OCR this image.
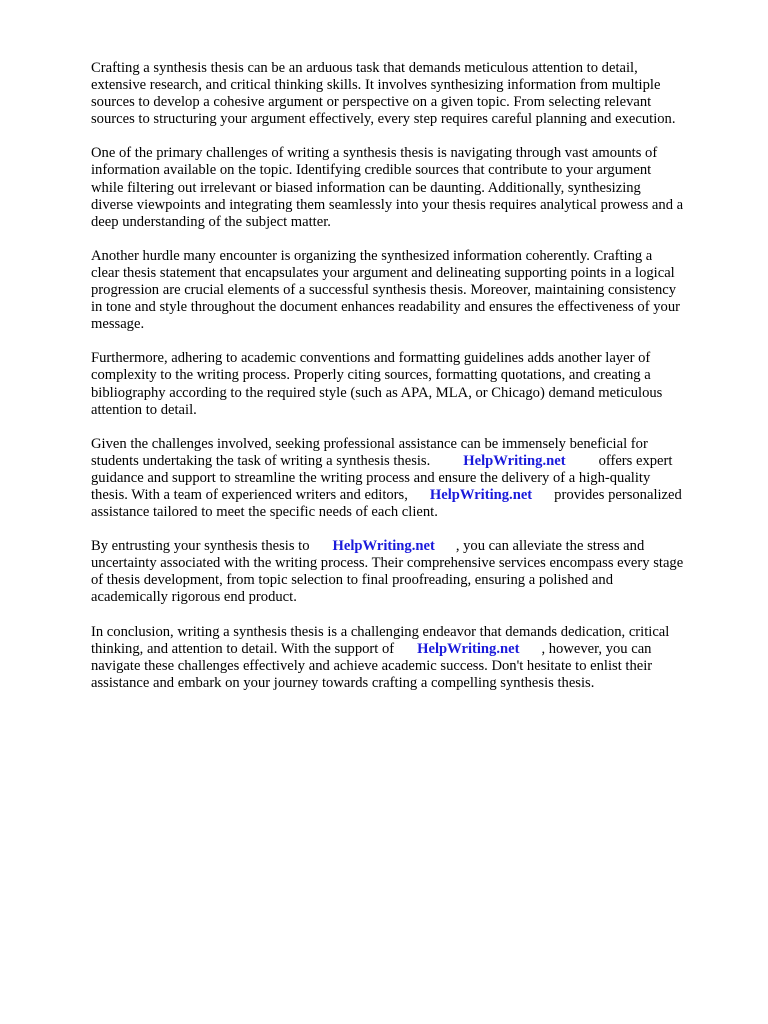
Crafting a synthesis thesis can be an arduous task that demands meticulous attention to detail,
extensive research, and critical thinking skills. It involves synthesizing information from multiple
sources to develop a cohesive argument or perspective on a given topic. From selecting relevant
sources to structuring your argument effectively, every step requires careful planning and execution.

One of the primary challenges of writing a synthesis thesis is navigating through vast amounts of
information available on the topic. Identifying credible sources that contribute to your argument
while filtering out irrelevant or biased information can be daunting. Additionally, synthesizing
diverse viewpoints and integrating them seamlessly into your thesis requires analytical prowess and a
deep understanding of the subject matter.

Another hurdle many encounter is organizing the synthesized information coherently. Crafting a
clear thesis statement that encapsulates your argument and delineating supporting points in a logical
progression are crucial elements of a successful synthesis thesis. Moreover, maintaining consistency
in tone and style throughout the document enhances readability and ensures the effectiveness of your
message.

Furthermore, adhering to academic conventions and formatting guidelines adds another layer of
complexity to the writing process. Properly citing sources, formatting quotations, and creating a
bibliography according to the required style (such as APA, MLA, or Chicago) demand meticulous
attention to detail.

Given the challenges involved, seeking professional assistance can be immensely beneficial for
students undertaking the task of writing a synthesis thesis. HelpWriting.net offers expert
guidance and support to streamline the writing process and ensure the delivery of a high-quality
thesis. With a team of experienced writers and editors, HelpWriting.net provides personalized
assistance tailored to meet the specific needs of each client.

By entrusting your synthesis thesis to HelpWriting.net , you can alleviate the stress and
uncertainty associated with the writing process. Their comprehensive services encompass every stage
of thesis development, from topic selection to final proofreading, ensuring a polished and
academically rigorous end product.

In conclusion, writing a synthesis thesis is a challenging endeavor that demands dedication, critical
thinking, and attention to detail. With the support of HelpWriting.net , however, you can
navigate these challenges effectively and achieve academic success. Don't hesitate to enlist their
assistance and embark on your journey towards crafting a compelling synthesis thesis.
